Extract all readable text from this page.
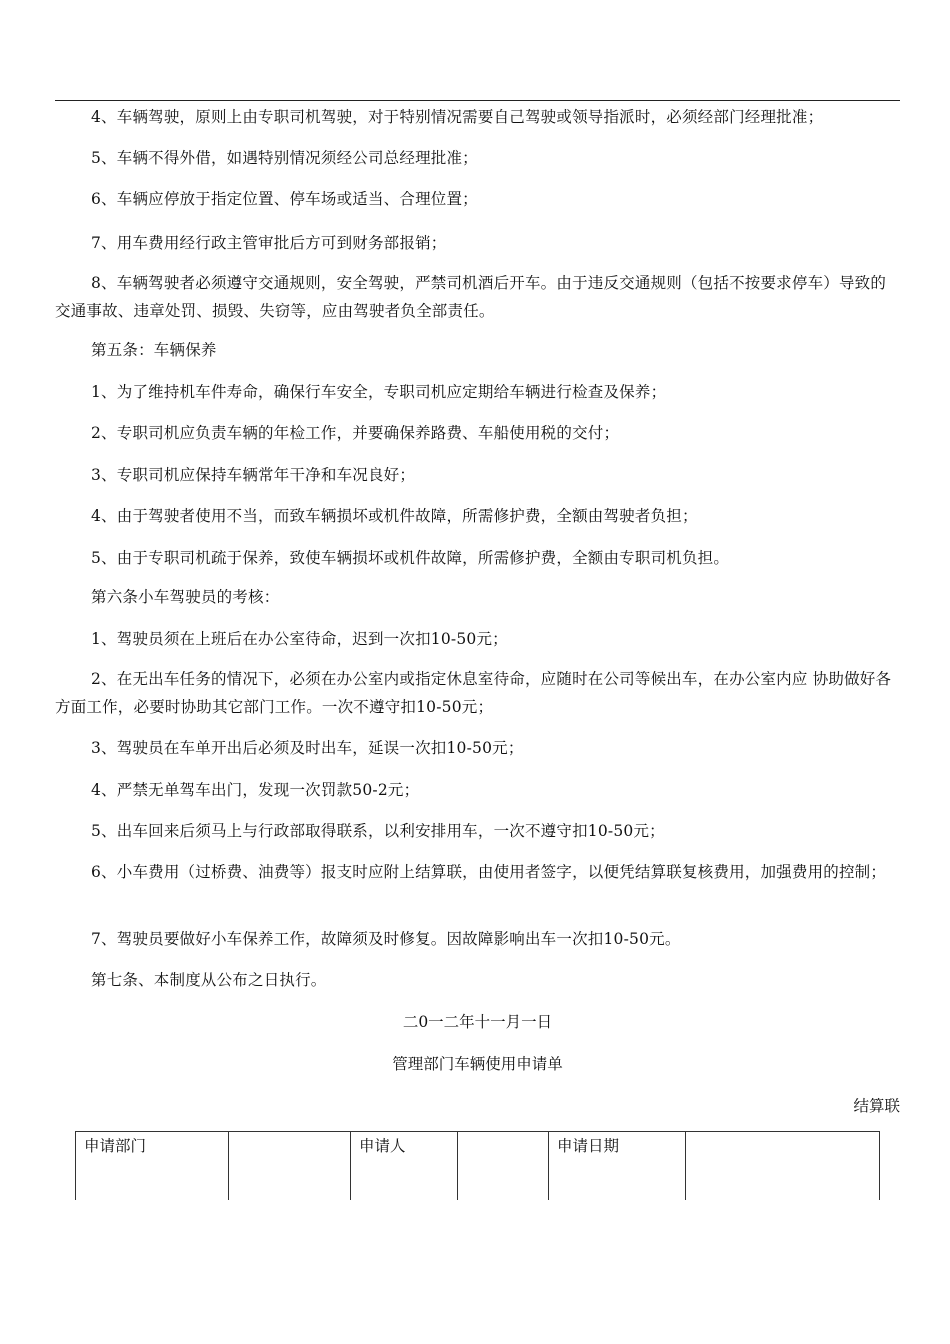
4、车辆驾驶，原则上由专职司机驾驶，对于特别情况需要自己驾驶或领导指派时，必须经部门经理批准；
5、车辆不得外借，如遇特别情况须经公司总经理批准；
6、车辆应停放于指定位置、停车场或适当、合理位置；
7、用车费用经行政主管审批后方可到财务部报销；
8、车辆驾驶者必须遵守交通规则，安全驾驶，严禁司机酒后开车。由于违反交通规则（包括不按要求停车）导致的交通事故、违章处罚、损毁、失窃等，应由驾驶者负全部责任。
第五条：车辆保养
1、为了维持机车件寿命，确保行车安全，专职司机应定期给车辆进行检查及保养；
2、专职司机应负责车辆的年检工作，并要确保养路费、车船使用税的交付；
3、专职司机应保持车辆常年干净和车况良好；
4、由于驾驶者使用不当，而致车辆损坏或机件故障，所需修护费，全额由驾驶者负担；
5、由于专职司机疏于保养，致使车辆损坏或机件故障，所需修护费，全额由专职司机负担。
第六条小车驾驶员的考核：
1、驾驶员须在上班后在办公室待命，迟到一次扣10-50元；
2、在无出车任务的情况下，必须在办公室内或指定休息室待命，应随时在公司等候出车，在办公室内应 协助做好各方面工作，必要时协助其它部门工作。一次不遵守扣10-50元；
3、驾驶员在车单开出后必须及时出车，延误一次扣10-50元；
4、严禁无单驾车出门，发现一次罚款50-2元；
5、出车回来后须马上与行政部取得联系，以利安排用车，一次不遵守扣10-50元；
6、小车费用（过桥费、油费等）报支时应附上结算联，由使用者签字，以便凭结算联复核费用，加强费用的控制；
7、驾驶员要做好小车保养工作，故障须及时修复。因故障影响出车一次扣10-50元。
第七条、本制度从公布之日执行。
二0一二年十一月一日
管理部门车辆使用申请单
结算联
申请部门		申请人		申请日期	
